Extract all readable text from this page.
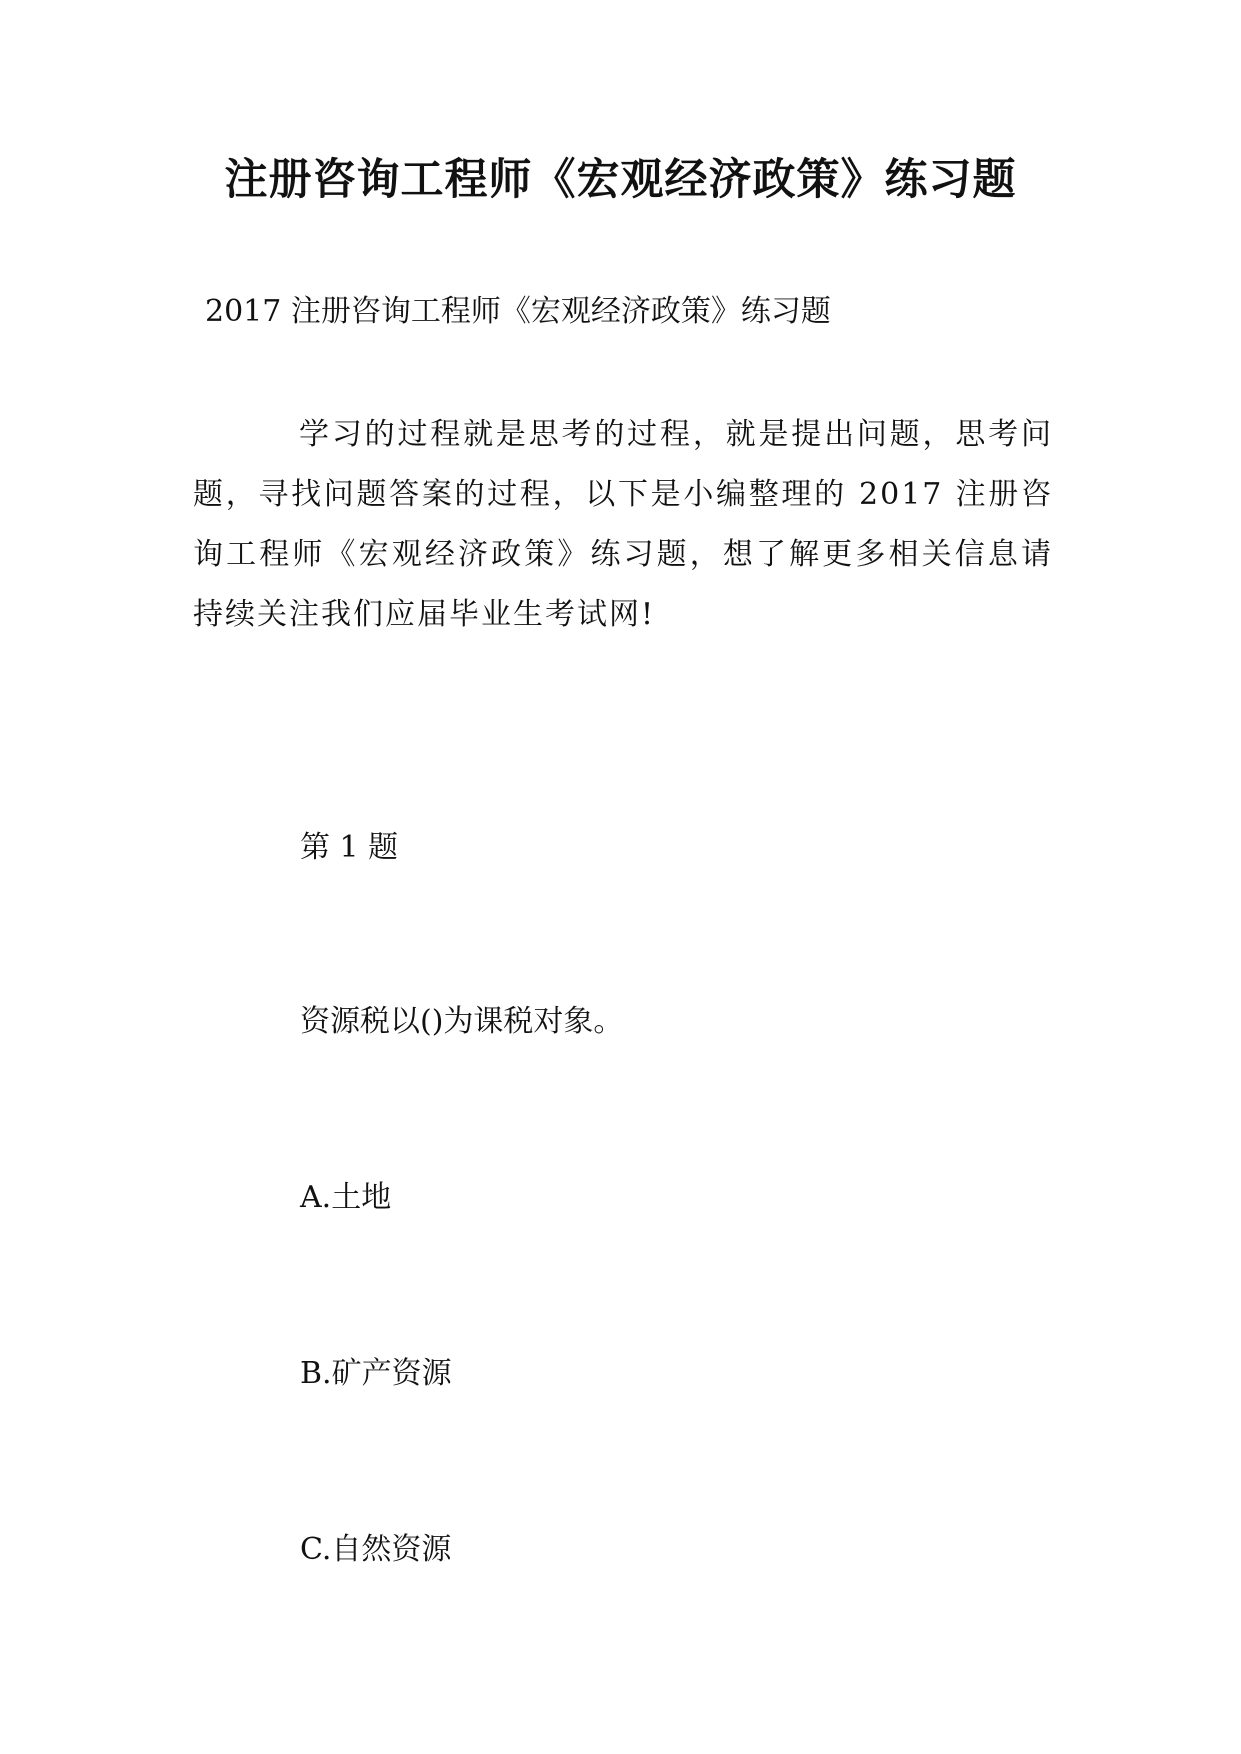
注册咨询工程师《宏观经济政策》练习题

2017 注册咨询工程师《宏观经济政策》练习题

学习的过程就是思考的过程，就是提出问题，思考问题，寻找问题答案的过程，以下是小编整理的 2017 注册咨询工程师《宏观经济政策》练习题，想了解更多相关信息请持续关注我们应届毕业生考试网!

第 1 题

资源税以()为课税对象。

A.土地

B.矿产资源

C.自然资源
